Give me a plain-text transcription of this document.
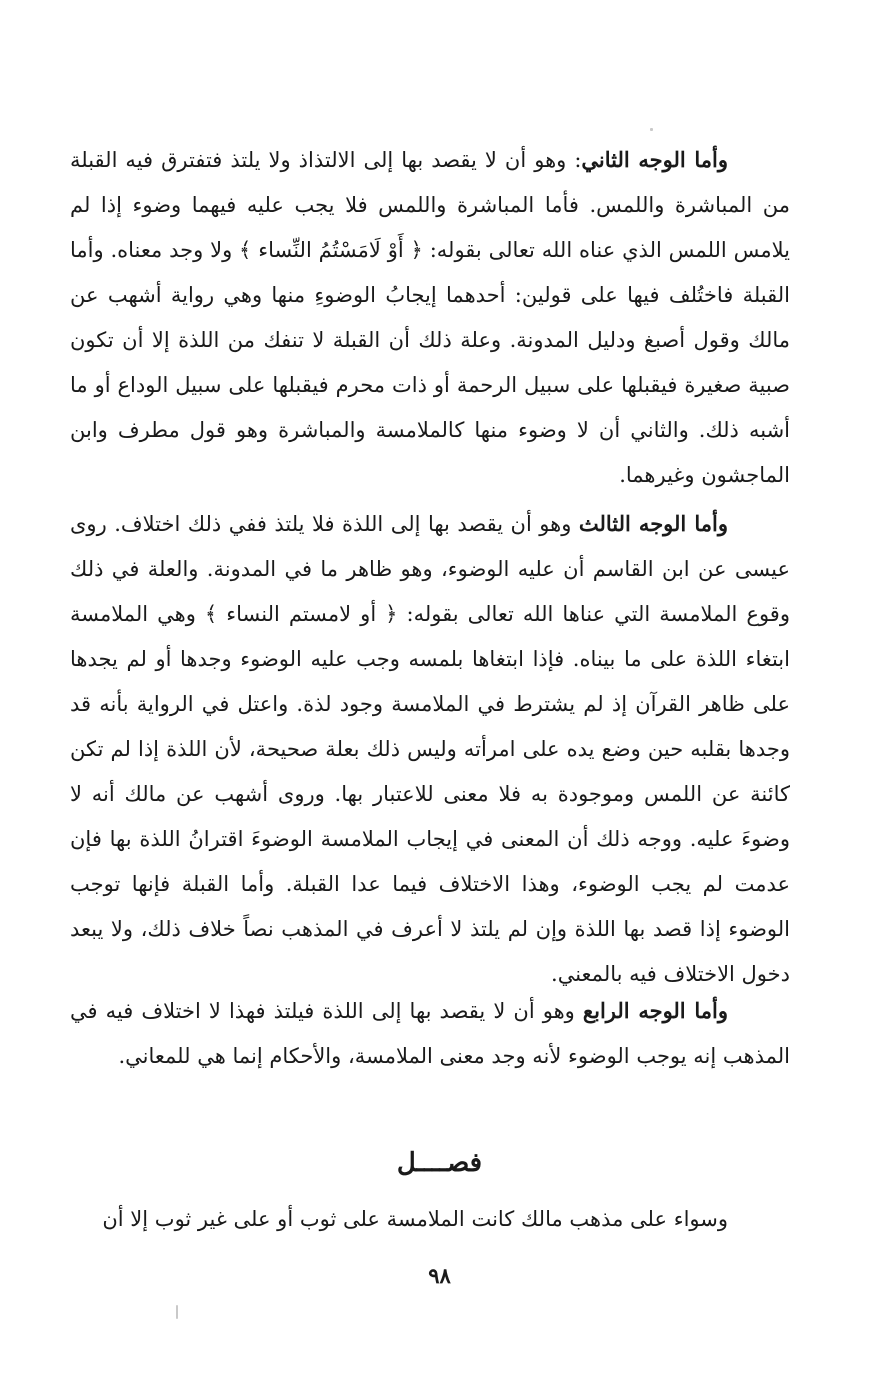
وأما الوجه الثاني: وهو أن لا يقصد بها إلى الالتذاذ ولا يلتذ فتفترق فيه القبلة من المباشرة واللمس. فأما المباشرة واللمس فلا يجب عليه فيهما وضوء إذا لم يلامس اللمس الذي عناه الله تعالى بقوله: ﴿ أَوْ لَامَسْتُمُ النِّساء ﴾ ولا وجد معناه. وأما القبلة فاختُلف فيها على قولين: أحدهما إيجابُ الوضوءِ منها وهي رواية أشهب عن مالك وقول أصبغ ودليل المدونة. وعلة ذلك أن القبلة لا تنفك من اللذة إلا أن تكون صبية صغيرة فيقبلها على سبيل الرحمة أو ذات محرم فيقبلها على سبيل الوداع أو ما أشبه ذلك. والثاني أن لا وضوء منها كالملامسة والمباشرة وهو قول مطرف وابن الماجشون وغيرهما.

وأما الوجه الثالث وهو أن يقصد بها إلى اللذة فلا يلتذ ففي ذلك اختلاف. روى عيسى عن ابن القاسم أن عليه الوضوء، وهو ظاهر ما في المدونة. والعلة في ذلك وقوع الملامسة التي عناها الله تعالى بقوله: ﴿ أو لامستم النساء ﴾ وهي الملامسة ابتغاء اللذة على ما بيناه. فإذا ابتغاها بلمسه وجب عليه الوضوء وجدها أو لم يجدها على ظاهر القرآن إذ لم يشترط في الملامسة وجود لذة. واعتل في الرواية بأنه قد وجدها بقلبه حين وضع يده على امرأته وليس ذلك بعلة صحيحة، لأن اللذة إذا لم تكن كائنة عن اللمس وموجودة به فلا معنى للاعتبار بها. وروى أشهب عن مالك أنه لا وضوءَ عليه. ووجه ذلك أن المعنى في إيجاب الملامسة الوضوءَ اقترانُ اللذة بها فإن عدمت لم يجب الوضوء، وهذا الاختلاف فيما عدا القبلة. وأما القبلة فإنها توجب الوضوء إذا قصد بها اللذة وإن لم يلتذ لا أعرف في المذهب نصاً خلاف ذلك، ولا يبعد دخول الاختلاف فيه بالمعني.

وأما الوجه الرابع وهو أن لا يقصد بها إلى اللذة فيلتذ فهذا لا اختلاف فيه في المذهب إنه يوجب الوضوء لأنه وجد معنى الملامسة، والأحكام إنما هي للمعاني.

فصــــل

وسواء على مذهب مالك كانت الملامسة على ثوب أو على غير ثوب إلا أن

٩٨
